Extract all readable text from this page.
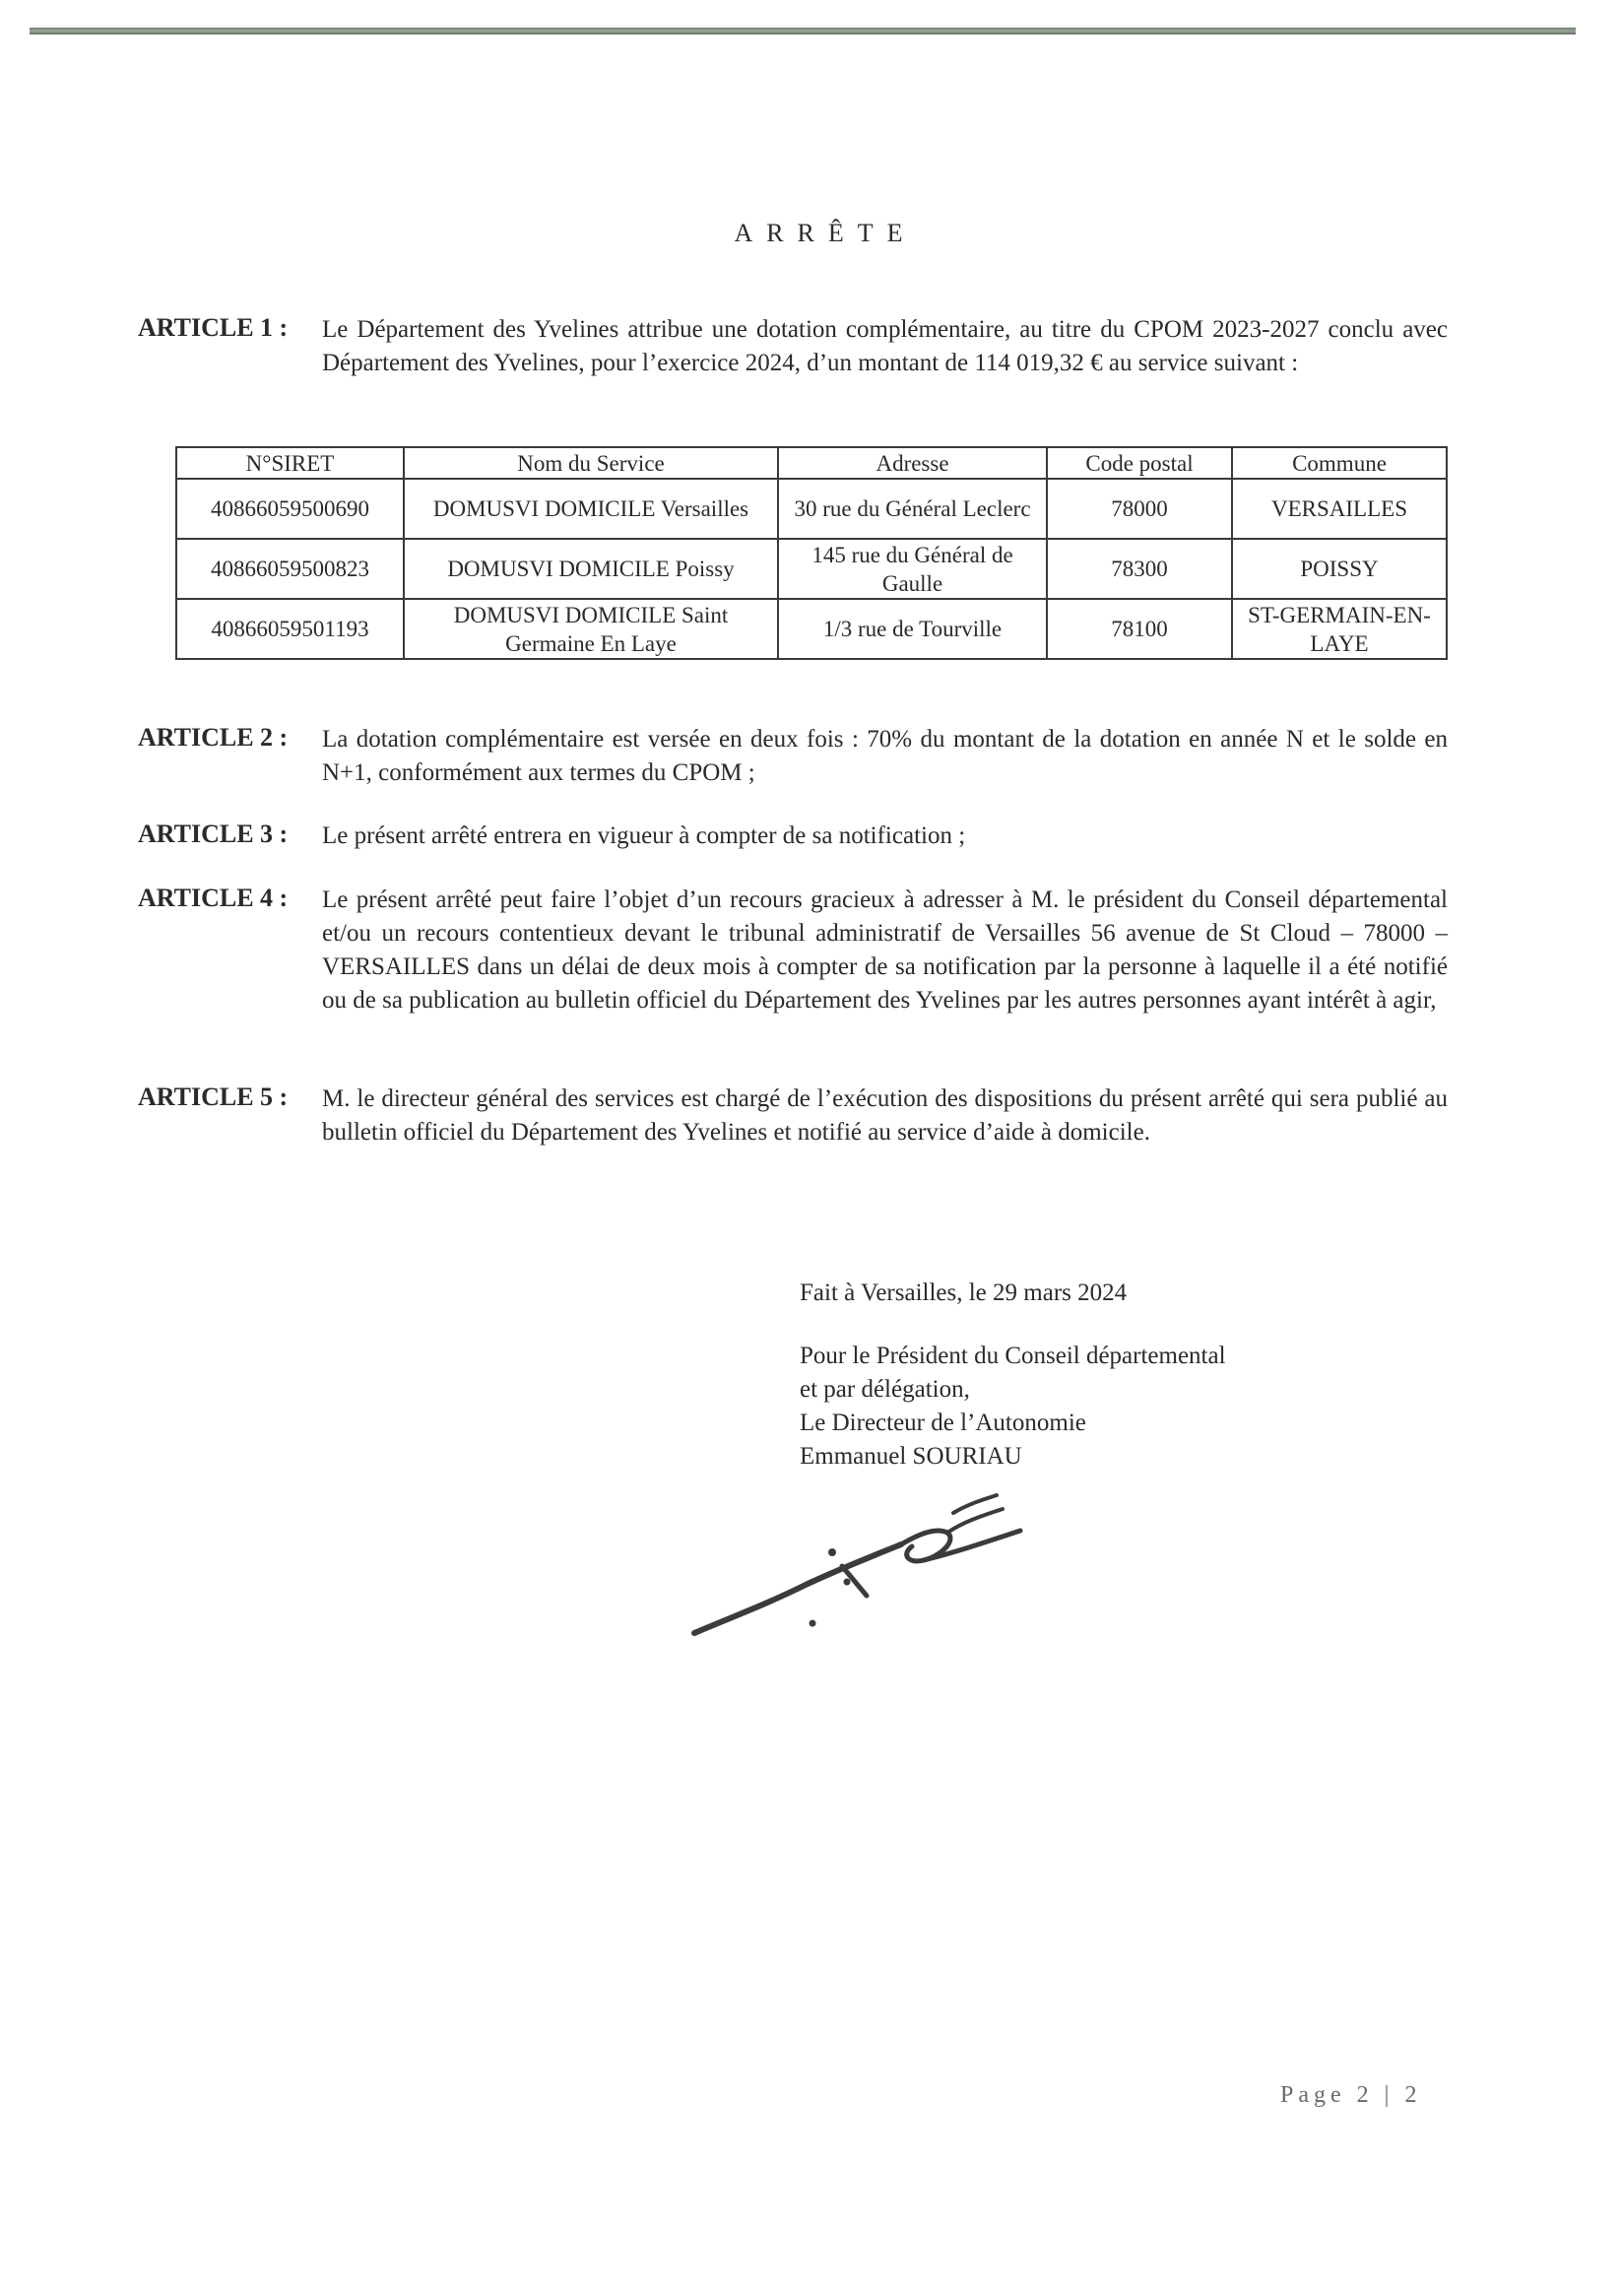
ARRÊTE
ARTICLE 1 :	Le Département des Yvelines attribue une dotation complémentaire, au titre du CPOM 2023-2027 conclu avec Département des Yvelines, pour l’exercice 2024, d’un montant de 114 019,32 € au service suivant :
N°SIRET	Nom du Service	Adresse	Code postal	Commune
40866059500690	DOMUSVI DOMICILE Versailles	30 rue du Général Leclerc	78000	VERSAILLES
40866059500823	DOMUSVI DOMICILE Poissy	145 rue du Général de Gaulle	78300	POISSY
40866059501193	DOMUSVI DOMICILE Saint Germaine En Laye	1/3 rue de Tourville	78100	ST-GERMAIN-EN-LAYE
ARTICLE 2 :	La dotation complémentaire est versée en deux fois : 70% du montant de la dotation en année N et le solde en N+1, conformément aux termes du CPOM ;
ARTICLE 3 :	Le présent arrêté entrera en vigueur à compter de sa notification ;
ARTICLE 4 :	Le présent arrêté peut faire l’objet d’un recours gracieux à adresser à M. le président du Conseil départemental et/ou un recours contentieux devant le tribunal administratif de Versailles 56 avenue de St Cloud – 78000 – VERSAILLES dans un délai de deux mois à compter de sa notification par la personne à laquelle il a été notifié ou de sa publication au bulletin officiel du Département des Yvelines par les autres personnes ayant intérêt à agir,
ARTICLE 5 :	M. le directeur général des services est chargé de l’exécution des dispositions du présent arrêté qui sera publié au bulletin officiel du Département des Yvelines et notifié au service d’aide à domicile.
Fait à Versailles, le 29 mars 2024
Pour le Président du Conseil départemental
et par délégation,
Le Directeur de l’Autonomie
Emmanuel SOURIAU
Page 2 | 2
